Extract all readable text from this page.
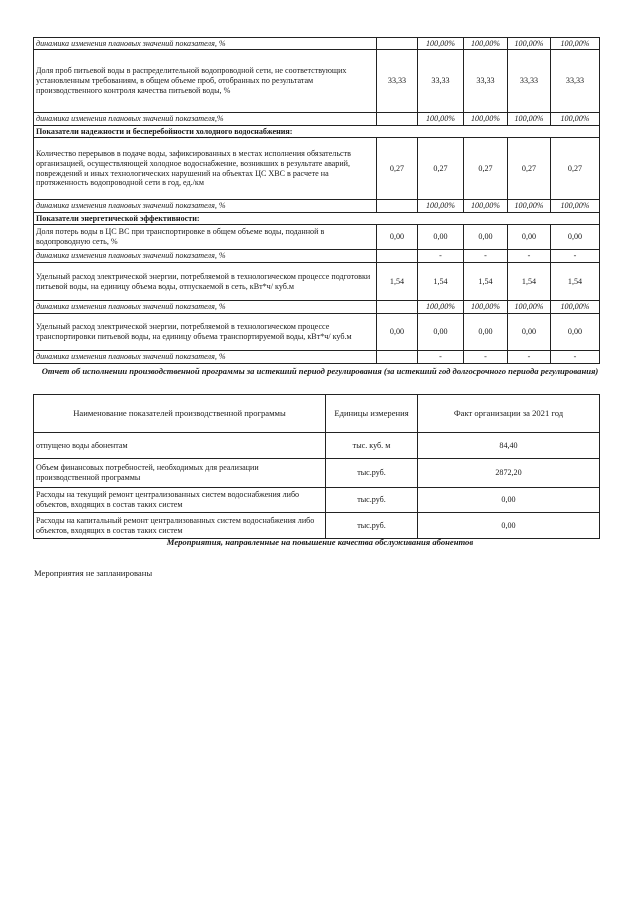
динамика изменения плановых значений показателя, %		100,00%	100,00%	100,00%	100,00%
Доля проб питьевой воды в распределительной водопроводной сети, не соответствующих установленным требованиям, в общем объеме проб, отобранных по результатам производственного контроля качества питьевой воды, %	33,33	33,33	33,33	33,33	33,33
динамика изменения плановых значений показателя,%		100,00%	100,00%	100,00%	100,00%
Показатели надежности и бесперебойности холодного водоснабжения:					
Количество перерывов в подаче воды, зафиксированных в местах исполнения обязательств организацией, осуществляющей холодное водоснабжение, возникших в результате аварий, повреждений и иных технологических нарушений на объектах ЦС ХВС в расчете на протяженность водопроводной сети в год, ед./км	0,27	0,27	0,27	0,27	0,27
динамика изменения плановых значений показателя, %		100,00%	100,00%	100,00%	100,00%
Показатели энергетической эффективности:					
Доля потерь воды в ЦС ВС при транспортировке в общем объеме воды, поданной в водопроводную сеть, %	0,00	0,00	0,00	0,00	0,00
динамика изменения плановых значений показателя, %		-	-	-	-
Удельный расход электрической энергии, потребляемой в технологическом процессе подготовки питьевой воды, на единицу объема воды, отпускаемой в сеть, кВт*ч/ куб.м	1,54	1,54	1,54	1,54	1,54
динамика изменения плановых значений показателя, %		100,00%	100,00%	100,00%	100,00%
Удельный расход электрической энергии, потребляемой в технологическом процессе транспортировки питьевой воды, на единицу объема транспортируемой воды, кВт*ч/ куб.м	0,00	0,00	0,00	0,00	0,00
динамика изменения плановых значений показателя, %		-	-	-	-
Отчет об исполнении производственной программы за истекший период регулирования (за истекший год долгосрочного периода регулирования)
Наименование показателей производственной программы	Единицы измерения	Факт организации за 2021 год
отпущено воды абонентам	тыс. куб. м	84,40
Объем финансовых потребностей, необходимых для реализации производственной программы	тыс.руб.	2872,20
Расходы на текущий ремонт централизованных систем водоснабжения либо объектов, входящих в состав таких систем	тыс.руб.	0,00
Расходы на капитальный ремонт централизованных систем водоснабжения либо объектов, входящих в состав таких систем	тыс.руб.	0,00
Мероприятия, направленные на повышение качества обслуживания абонентов
Мероприятия не запланированы
